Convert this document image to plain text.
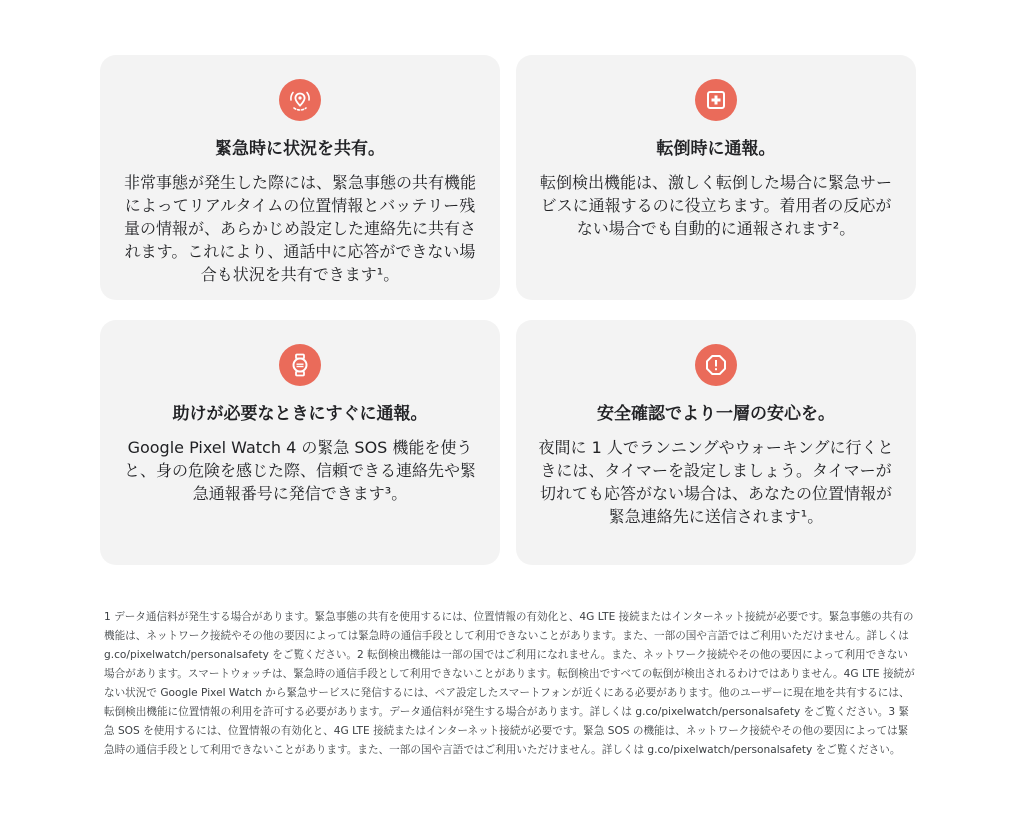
緊急時に状況を共有。

非常事態が発生した際には、緊急事態の共有機能によってリアルタイムの位置情報とバッテリー残量の情報が、あらかじめ設定した連絡先に共有されます。これにより、通話中に応答ができない場合も状況を共有できます¹。

転倒時に通報。

転倒検出機能は、激しく転倒した場合に緊急サービスに通報するのに役立ちます。着用者の反応がない場合でも自動的に通報されます²。

助けが必要なときにすぐに通報。

Google Pixel Watch 4 の緊急 SOS 機能を使うと、身の危険を感じた際、信頼できる連絡先や緊急通報番号に発信できます³。

安全確認でより一層の安心を。

夜間に 1 人でランニングやウォーキングに行くときには、タイマーを設定しましょう。タイマーが切れても応答がない場合は、あなたの位置情報が緊急連絡先に送信されます¹。

1 データ通信料が発生する場合があります。緊急事態の共有を使用するには、位置情報の有効化と、4G LTE 接続またはインターネット接続が必要です。緊急事態の共有の機能は、ネットワーク接続やその他の要因によっては緊急時の通信手段として利用できないことがあります。また、一部の国や言語ではご利用いただけません。詳しくは g.co/pixelwatch/personalsafety をご覧ください。2 転倒検出機能は一部の国ではご利用になれません。また、ネットワーク接続やその他の要因によって利用できない場合があります。スマートウォッチは、緊急時の通信手段として利用できないことがあります。転倒検出ですべての転倒が検出されるわけではありません。4G LTE 接続がない状況で Google Pixel Watch から緊急サービスに発信するには、ペア設定したスマートフォンが近くにある必要があります。他のユーザーに現在地を共有するには、転倒検出機能に位置情報の利用を許可する必要があります。データ通信料が発生する場合があります。詳しくは g.co/pixelwatch/personalsafety をご覧ください。3 緊急 SOS を使用するには、位置情報の有効化と、4G LTE 接続またはインターネット接続が必要です。緊急 SOS の機能は、ネットワーク接続やその他の要因によっては緊急時の通信手段として利用できないことがあります。また、一部の国や言語ではご利用いただけません。詳しくは g.co/pixelwatch/personalsafety をご覧ください。
